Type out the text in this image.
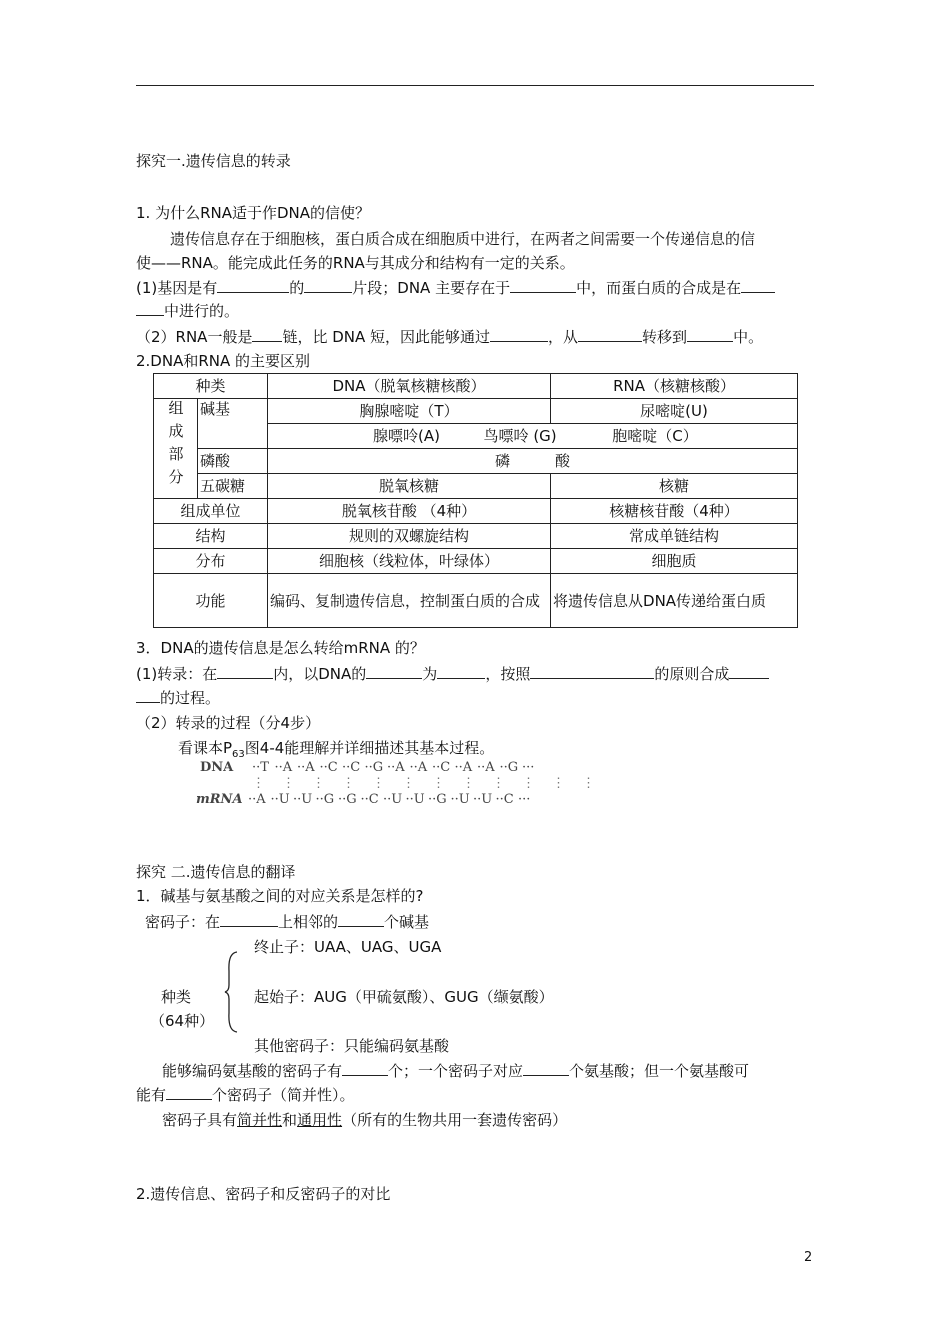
探究一.遗传信息的转录
1. 为什么RNA适于作DNA的信使？
遗传信息存在于细胞核，蛋白质合成在细胞质中进行，在两者之间需要一个传递信息的信
使——RNA。能完成此任务的RNA与其成分和结构有一定的关系。
(1)基因是有	的	片段；DNA 主要存在于	中，而蛋白质的合成是在
中进行的。
（2）RNA一般是 链，比 DNA 短，因此能够通过	，从	转移到	中。
2.DNA和RNA 的主要区别
种类		DNA（脱氧核糖核酸）	RNA（核糖核酸）
组成部分	碱基	胸腺嘧啶（T）	尿嘧啶(U)
		腺嘌呤(A) 鸟嘌呤 (G) 胞嘧啶（C）	
	磷酸	磷　　　酸	
	五碳糖	脱氧核糖	核糖
组成单位		脱氧核苷酸 （4种）	核糖核苷酸（4种）
结构		规则的双螺旋结构	常成单链结构
分布		细胞核（线粒体，叶绿体）	细胞质
功能		编码、复制遗传信息，控制蛋白质的合成	将遗传信息从DNA传递给蛋白质
3．DNA的遗传信息是怎么转给mRNA 的？
(1)转录：在	内，以DNA的	为	，按照	的原则合成
的过程。
（2）转录的过程（分4步）
看课本$P_{63}$图4-4能理解并详细描述其基本过程。
DNA ··T ··A ··A ··C ··C ··G ··A ··A ··C ··A ··A ··G ···
⋮⋮⋮⋮⋮⋮⋮⋮⋮⋮⋮⋮
mRNA ··A ··U ··U ··G ··G ··C ··U ··U ··G ··U ··U ··C ···
探究 二.遗传信息的翻译
1．碱基与氨基酸之间的对应关系是怎样的?
密码子：在	上相邻的	个碱基
终止子：UAA、UAG、UGA
种类
（64种）
起始子：AUG（甲硫氨酸）、GUG（缬氨酸）
其他密码子：只能编码氨基酸
能够编码氨基酸的密码子有	个；一个密码子对应	个氨基酸；但一个氨基酸可
能有	个密码子（简并性）。
密码子具有简并性和通用性（所有的生物共用一套遗传密码）
2.遗传信息、密码子和反密码子的对比
2
